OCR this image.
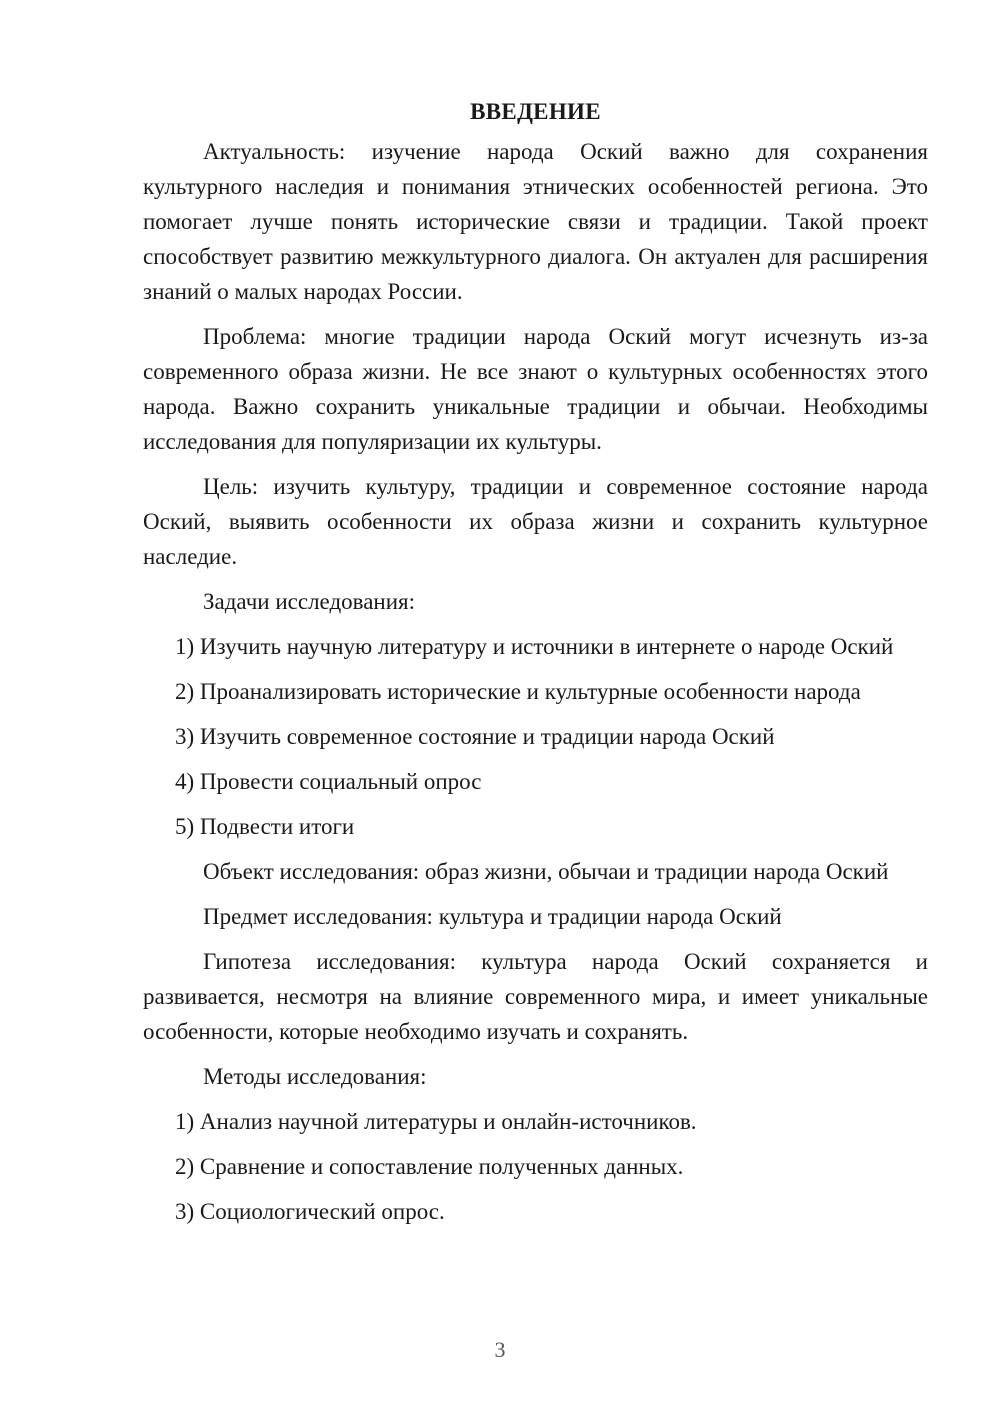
ВВЕДЕНИЕ

Актуальность: изучение народа Оский важно для сохранения культурного наследия и понимания этнических особенностей региона. Это помогает лучше понять исторические связи и традиции. Такой проект способствует развитию межкультурного диалога. Он актуален для расширения знаний о малых народах России.

Проблема: многие традиции народа Оский могут исчезнуть из-за современного образа жизни. Не все знают о культурных особенностях этого народа. Важно сохранить уникальные традиции и обычаи. Необходимы исследования для популяризации их культуры.

Цель: изучить культуру, традиции и современное состояние народа Оский, выявить особенности их образа жизни и сохранить культурное наследие.

Задачи исследования:

1) Изучить научную литературу и источники в интернете о народе Оский

2) Проанализировать исторические и культурные особенности народа

3) Изучить современное состояние и традиции народа Оский

4) Провести социальный опрос

5) Подвести итоги

Объект исследования: образ жизни, обычаи и традиции народа Оский

Предмет исследования: культура и традиции народа Оский

Гипотеза исследования: культура народа Оский сохраняется и развивается, несмотря на влияние современного мира, и имеет уникальные особенности, которые необходимо изучать и сохранять.

Методы исследования:

1) Анализ научной литературы и онлайн-источников.

2) Сравнение и сопоставление полученных данных.

3) Социологический опрос.

3
